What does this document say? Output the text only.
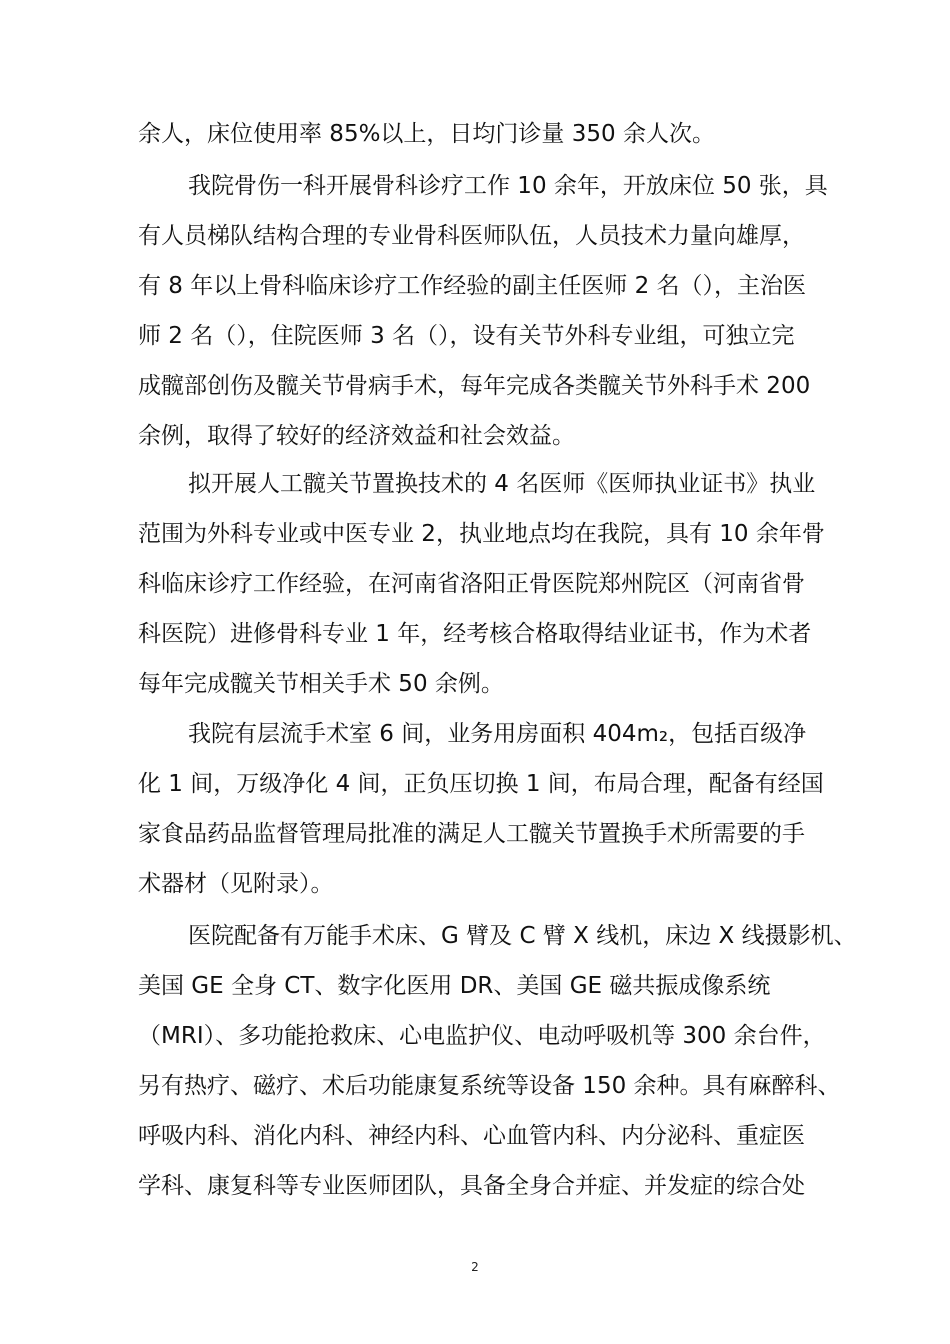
余人，床位使用率 85%以上，日均门诊量 350 余人次。
我院骨伤一科开展骨科诊疗工作 10 余年，开放床位 50 张，具
有人员梯队结构合理的专业骨科医师队伍，人员技术力量向雄厚，
有 8 年以上骨科临床诊疗工作经验的副主任医师 2 名（），主治医
师 2 名（），住院医师 3 名（），设有关节外科专业组，可独立完
成髋部创伤及髋关节骨病手术，每年完成各类髋关节外科手术 200
余例，取得了较好的经济效益和社会效益。
拟开展人工髋关节置换技术的 4 名医师《医师执业证书》执业
范围为外科专业或中医专业 2，执业地点均在我院，具有 10 余年骨
科临床诊疗工作经验，在河南省洛阳正骨医院郑州院区（河南省骨
科医院）进修骨科专业 1 年，经考核合格取得结业证书，作为术者
每年完成髋关节相关手术 50 余例。
我院有层流手术室 6 间，业务用房面积 404m₂，包括百级净
化 1 间，万级净化 4 间，正负压切换 1 间，布局合理，配备有经国
家食品药品监督管理局批准的满足人工髋关节置换手术所需要的手
术器材（见附录）。
医院配备有万能手术床、G 臂及 C 臂 X 线机，床边 X 线摄影机、
美国 GE 全身 CT、数字化医用 DR、美国 GE 磁共振成像系统
（MRI）、多功能抢救床、心电监护仪、电动呼吸机等 300 余台件，
另有热疗、磁疗、术后功能康复系统等设备 150 余种。具有麻醉科、
呼吸内科、消化内科、神经内科、心血管内科、内分泌科、重症医
学科、康复科等专业医师团队，具备全身合并症、并发症的综合处
2
